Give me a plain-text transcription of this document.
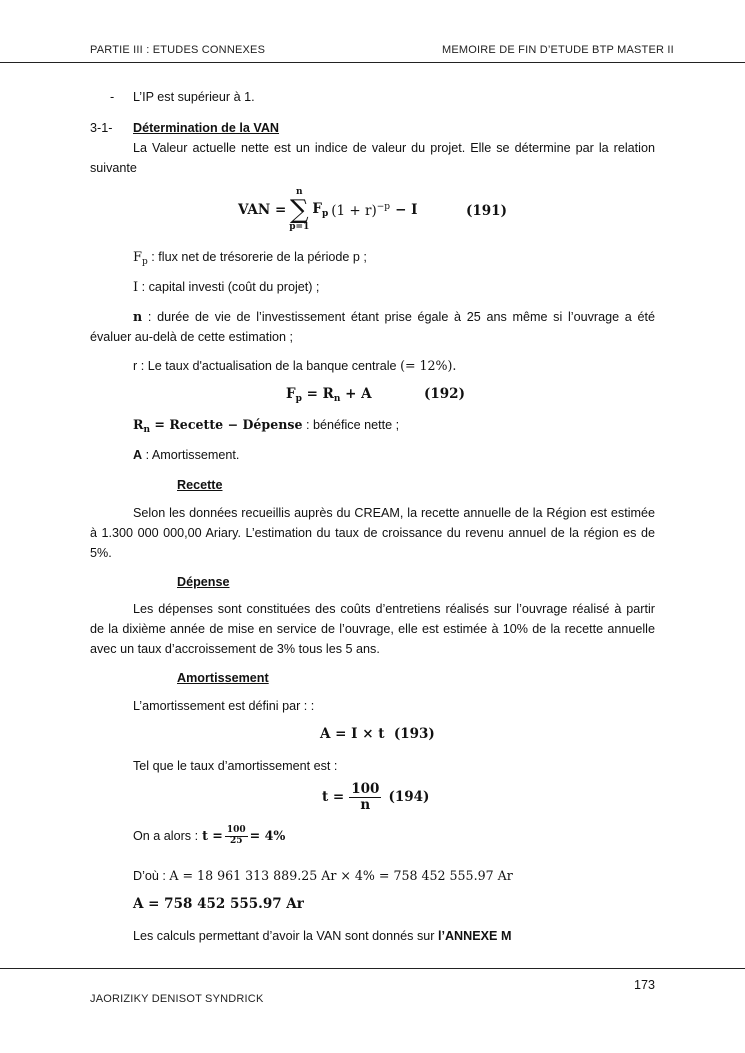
PARTIE III : ETUDES CONNEXES	MEMOIRE DE FIN D’ETUDE BTP MASTER II
- L’IP est supérieur à 1.
3-1- Détermination de la VAN
La Valeur actuelle nette est un indice de valeur du projet. Elle se détermine par la relation suivante
VAN =
n
∑
p=1
$F_p$ $(1 + r)^{-p} - I$	(191)
$F_p$ : flux net de trésorerie de la période p ;
I : capital investi (coût du projet) ;
n : durée de vie de l’investissement étant prise égale à 25 ans même si l’ouvrage a été évaluer au-delà de cette estimation ;
r : Le taux d'actualisation de la banque centrale (= 12%).
$F_p = R_n + A$	(192)
$R_n$ = Recette − Dépense : bénéfice nette ;
A : Amortissement.
Recette
Selon les données recueillis auprès du CREAM, la recette annuelle de la Région est estimée à 1.300 000 000,00 Ariary. L’estimation du taux de croissance du revenu annuel de la région es de 5%.
Dépense
Les dépenses sont constituées des coûts d’entretiens réalisés sur l’ouvrage réalisé à partir de la dixième année de mise en service de l’ouvrage, elle est estimée à 10% de la recette annuelle avec un taux d’accroissement de 3% tous les 5 ans.
Amortissement
L’amortissement est défini par : :
A = I × t (193)
Tel que le taux d’amortissement est :
$t = \frac{100}{n} (194)$
On a alors : $t = \frac{100}{25} = 4\%$
D’où : A = 18 961 313 889.25 Ar × 4% = 758 452 555.97 Ar
A = 758 452 555.97 Ar
Les calculs permettant d’avoir la VAN sont donnés sur l’ANNEXE M
173
JAORIZIKY DENISOT SYNDRICK
